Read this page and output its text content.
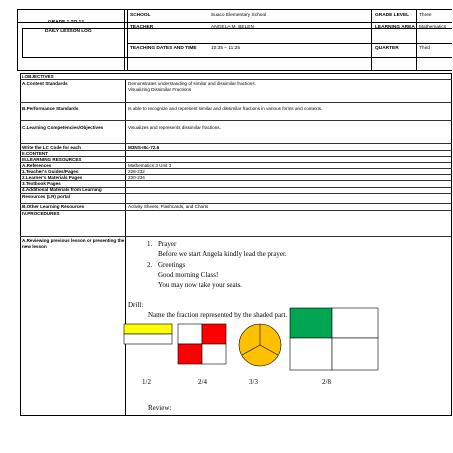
GRADE 1 TO 12
DAILY LESSON LOG
SCHOOL	Suaco Elementary School	GRADE LEVEL Three
TEACHER	ANGELA M. BELEN	LEARNING AREA Mathematics
TEACHING DATES AND TIME	10:35 – 11:25	QUARTER	Third
I.OBJECTIVES
A.Content Standards	Demonstrates understanding of similar and dissimilar fractions.
Visualizing Dissimilar Fractions
B.Performance Standards	Is able to recognize and represent similar and dissimilar fractions in various forms and contexts.
C.Learning Competencies/Objectives	Visualizes and represents dissimilar fractions.
Write the LC Code for each	M3NS-IIIc-72.6
II.CONTENT
III.LEARNING RESOURCES
A.References	Mathematics 3 Unit 3
1.Teacher's Guides/Pages	228-232
2.Learner's Materials Pages	230-234
3.Textbook Pages
4.Additional Materials from Learning
Resources (LR) portal
B.Other Learning Resources	Activity Sheets, Flashcards, and Charts
IV.PROCEDURES
A.Reviewing previous lesson or presenting the
new lesson	1. Prayer
Before we start Angela kindly lead the prayer.
2. Greetings
Good morning Class!
You may now take your seats.
Drill:
Name the fraction represented by the shaded part.
1/2	2/4	3/3	2/8
Review:
